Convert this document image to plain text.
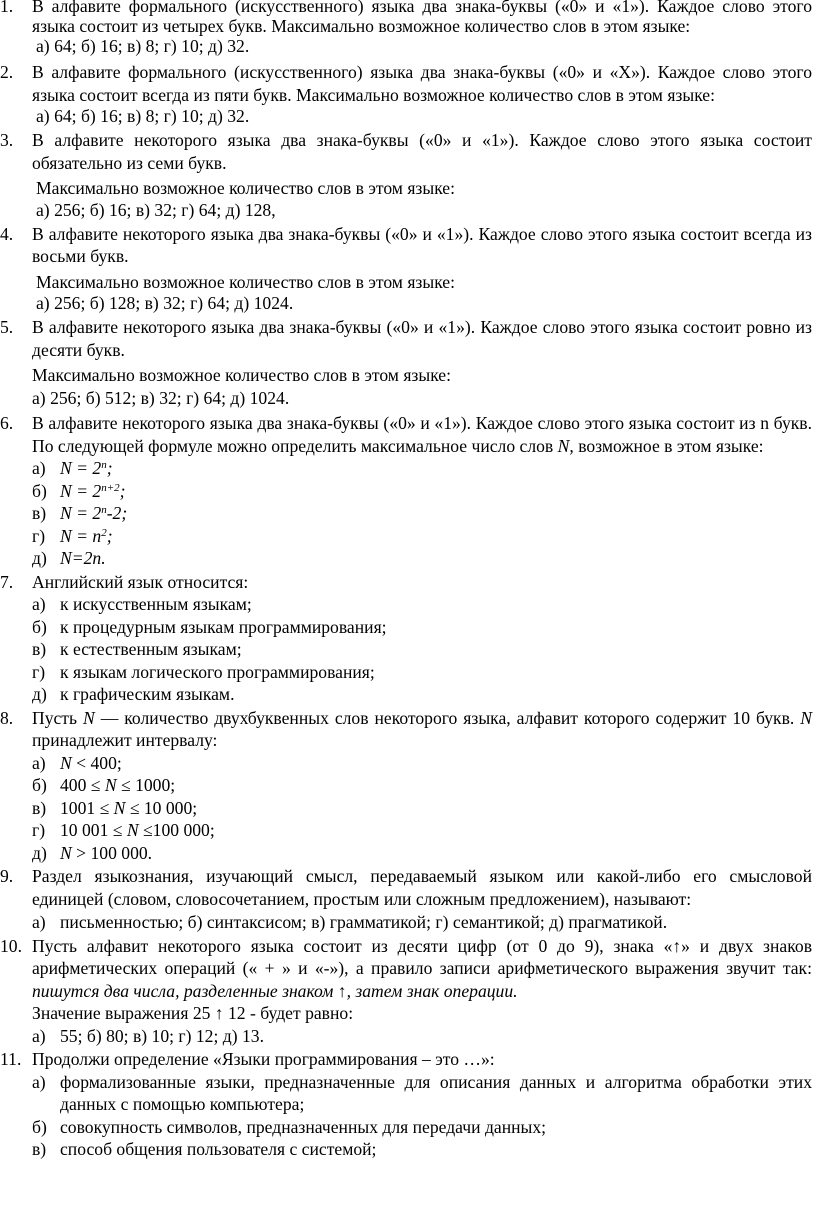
1.	В алфавите формального (искусственного) языка два знака-буквы («0» и «1»). Каждое слово этого языка состоит из четырех букв. Максимально возможное количество слов в этом языке:
а) 64; б) 16; в) 8; г) 10; д) 32.
2.	В алфавите формального (искусственного) языка два знака-буквы («0» и «Х»). Каждое слово этого языка состоит всегда из пяти букв. Максимально возможное количество слов в этом языке:
а) 64; б) 16; в) 8; г) 10; д) 32.
3.	В алфавите некоторого языка два знака-буквы («0» и «1»). Каждое слово этого языка состоит обязательно из семи букв.
Максимально возможное количество слов в этом языке:
а) 256; б) 16; в) 32; г) 64; д) 128,
4.	В алфавите некоторого языка два знака-буквы («0» и «1»). Каждое слово этого языка состоит всегда из восьми букв.
Максимально возможное количество слов в этом языке:
а) 256; б) 128; в) 32; г) 64; д) 1024.
5.	В алфавите некоторого языка два знака-буквы («0» и «1»). Каждое слово этого языка состоит ровно из десяти букв.
Максимально возможное количество слов в этом языке:
а) 256; б) 512; в) 32; г) 64; д) 1024.
6.	В алфавите некоторого языка два знака-буквы («0» и «1»). Каждое слово этого языка состоит из n букв. По следующей формуле можно определить максимальное число слов N, возможное в этом языке:
а) $N = 2^n$;
б) $N = 2^{n+2}$;
в) $N = 2^n-2$;
г) $N = n^2$;
д) N=2n.
7.	Английский язык относится:
а) к искусственным языкам;
б) к процедурным языкам программирования;
в) к естественным языкам;
г) к языкам логического программирования;
д) к графическим языкам.
8.	Пусть N — количество двухбуквенных слов некоторого языка, алфавит которого содержит 10 букв. N принадлежит интервалу:
а) N < 400;
б) 400 ≤ N ≤ 1000;
в) 1001 ≤ N ≤ 10 000;
г) 10 001 ≤ N ≤100 000;
д) N > 100 000.
9.	Раздел языкознания, изучающий смысл, передаваемый языком или какой-либо его смысловой единицей (словом, словосочетанием, простым или сложным предложением), называют:
а) письменностью; б) синтаксисом; в) грамматикой; г) семантикой; д) прагматикой.
10. Пусть алфавит некоторого языка состоит из десяти цифр (от 0 до 9), знака «↑» и двух знаков арифметических операций (« + » и «-»), а правило записи арифметического выражения звучит так: пишутся два числа, разделенные знаком ↑, затем знак операции.
Значение выражения 25 ↑ 12 - будет равно:
а) 55; б) 80; в) 10; г) 12; д) 13.
11. Продолжи определение «Языки программирования – это …»:
а) формализованные языки, предназначенные для описания данных и алгоритма обработки этих данных с помощью компьютера;
б) совокупность символов, предназначенных для передачи данных;
в) способ общения пользователя с системой;
